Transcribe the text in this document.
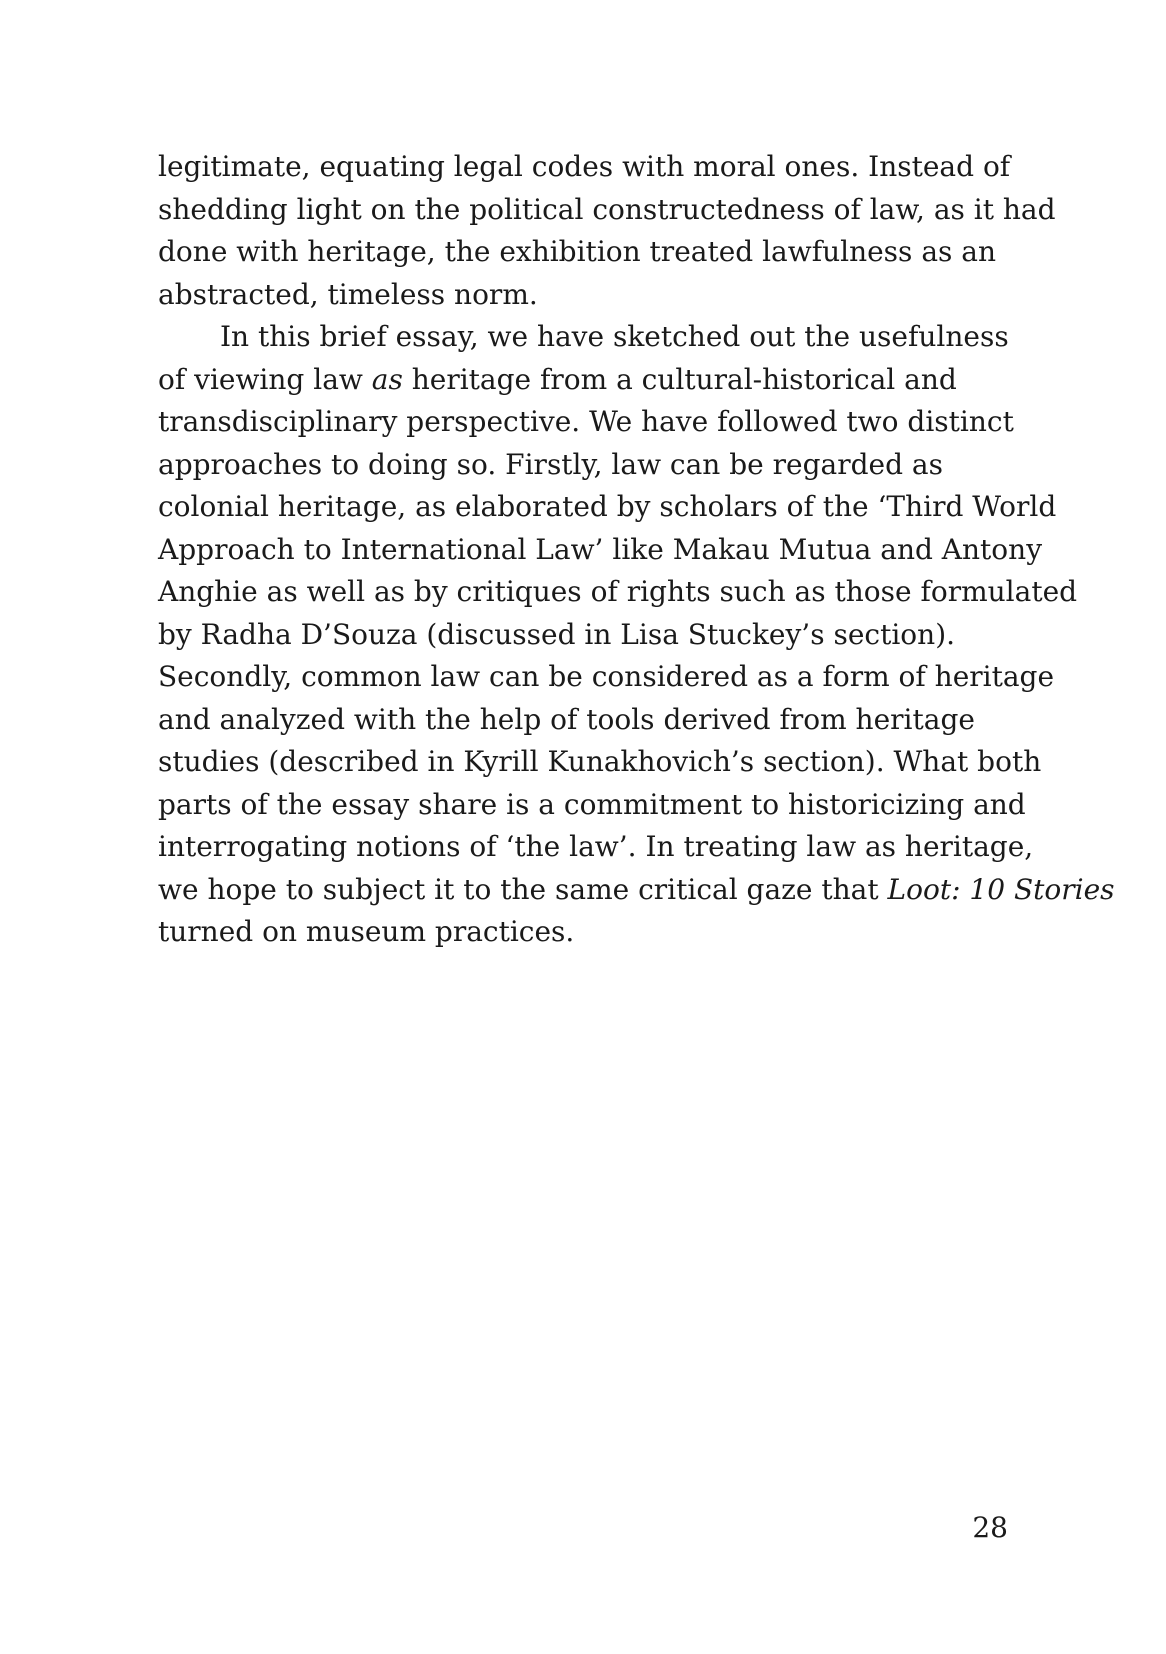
legitimate, equating legal codes with moral ones. Instead of
shedding light on the political constructedness of law, as it had
done with heritage, the exhibition treated lawfulness as an
abstracted, timeless norm.
In this brief essay, we have sketched out the usefulness
of viewing law as heritage from a cultural-historical and
transdisciplinary perspective. We have followed two distinct
approaches to doing so. Firstly, law can be regarded as
colonial heritage, as elaborated by scholars of the ‘Third World
Approach to International Law’ like Makau Mutua and Antony
Anghie as well as by critiques of rights such as those formulated
by Radha D’Souza (discussed in Lisa Stuckey’s section).
Secondly, common law can be considered as a form of heritage
and analyzed with the help of tools derived from heritage
studies (described in Kyrill Kunakhovich’s section). What both
parts of the essay share is a commitment to historicizing and
interrogating notions of ‘the law’. In treating law as heritage,
we hope to subject it to the same critical gaze that Loot: 10 Stories
turned on museum practices.
28
